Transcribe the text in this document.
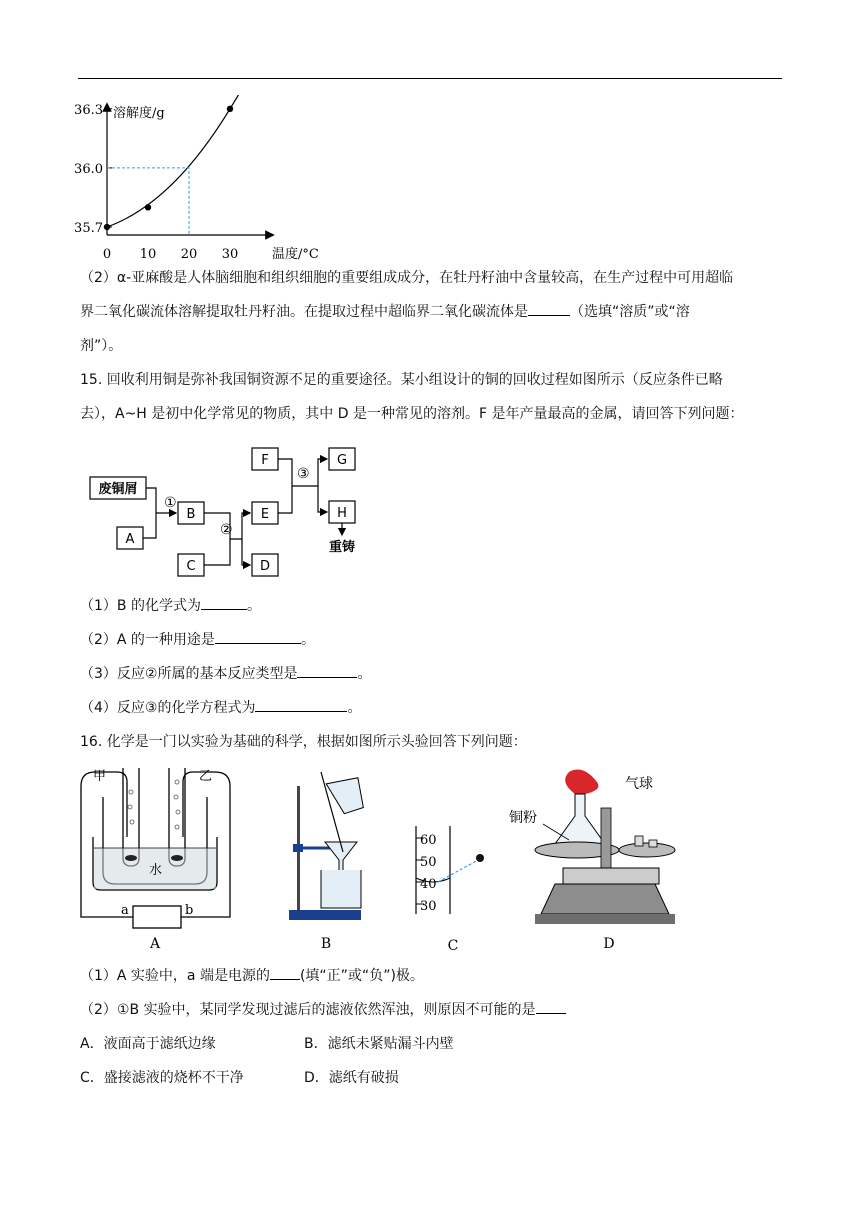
溶解度/g
温度/°C
0 10 20 30
35.7
36.0
36.3
（2）α-亚麻酸是人体脑细胞和组织细胞的重要组成成分，在牡丹籽油中含量较高，在生产过程中可用超临
界二氧化碳流体溶解提取牡丹籽油。在提取过程中超临界二氧化碳流体是	（选填“溶质”或“溶
剂”）。
15. 回收利用铜是弥补我国铜资源不足的重要途径。某小组设计的铜的回收过程如图所示（反应条件已略
去），A~H 是初中化学常见的物质，其中 D 是一种常见的溶剂。F 是年产量最高的金属，请回答下列问题：
废铜屑
A
B
C	D
E
F	G
H
①
②
③
重铸
（1）B 的化学式为	。
（2）A 的一种用途是	。
（3）反应②所属的基本反应类型是	。
（4）反应③的化学方程式为	。
16. 化学是一门以实验为基础的科学，根据如图所示头验回答下列问题：
甲	乙
水
a	b
A	B
60
50
40
30
C
气球
铜粉
D
（1）A 实验中，a 端是电源的 (填“正”或“负”)极。
（2）①B 实验中，某同学发现过滤后的滤液依然浑浊，则原因不可能的是
A．液面高于滤纸边缘	B．滤纸未紧贴漏斗内壁
C．盛接滤液的烧杯不干净	D．滤纸有破损
